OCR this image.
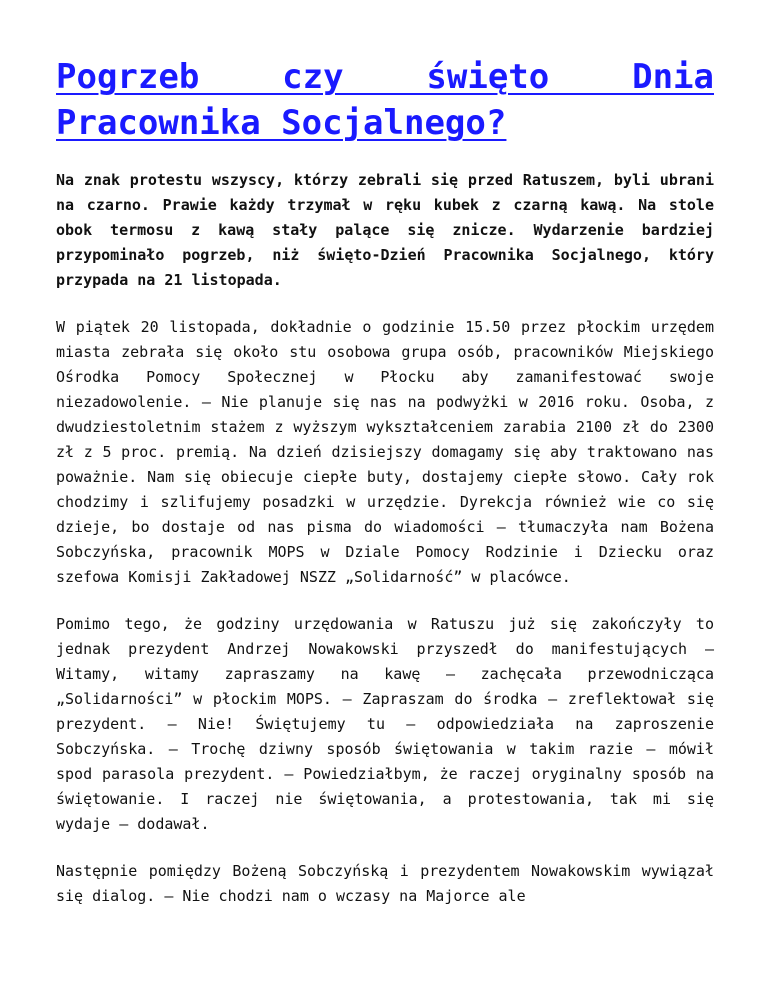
Pogrzeb czy święto Dnia Pracownika Socjalnego?

Na znak protestu wszyscy, którzy zebrali się przed Ratuszem, byli ubrani na czarno. Prawie każdy trzymał w ręku kubek z czarną kawą. Na stole obok termosu z kawą stały palące się znicze. Wydarzenie bardziej przypominało pogrzeb, niż święto-Dzień Pracownika Socjalnego, który przypada na 21 listopada.

W piątek 20 listopada, dokładnie o godzinie 15.50 przez płockim urzędem miasta zebrała się około stu osobowa grupa osób, pracowników Miejskiego Ośrodka Pomocy Społecznej w Płocku aby zamanifestować swoje niezadowolenie. – Nie planuje się nas na podwyżki w 2016 roku. Osoba, z dwudziestoletnim stażem z wyższym wykształceniem zarabia 2100 zł do 2300 zł z 5 proc. premią. Na dzień dzisiejszy domagamy się aby traktowano nas poważnie. Nam się obiecuje ciepłe buty, dostajemy ciepłe słowo. Cały rok chodzimy i szlifujemy posadzki w urzędzie. Dyrekcja również wie co się dzieje, bo dostaje od nas pisma do wiadomości – tłumaczyła nam Bożena Sobczyńska, pracownik MOPS w Dziale Pomocy Rodzinie i Dziecku oraz szefowa Komisji Zakładowej NSZZ „Solidarność” w placówce.

Pomimo tego, że godziny urzędowania w Ratuszu już się zakończyły to jednak prezydent Andrzej Nowakowski przyszedł do manifestujących – Witamy, witamy zapraszamy na kawę – zachęcała przewodnicząca „Solidarności” w płockim MOPS. – Zapraszam do środka – zreflektował się prezydent. – Nie! Świętujemy tu – odpowiedziała na zaproszenie Sobczyńska. – Trochę dziwny sposób świętowania w takim razie – mówił spod parasola prezydent. – Powiedziałbym, że raczej oryginalny sposób na świętowanie. I raczej nie świętowania, a protestowania, tak mi się wydaje – dodawał.

Następnie pomiędzy Bożeną Sobczyńską i prezydentem Nowakowskim wywiązał się dialog. – Nie chodzi nam o wczasy na Majorce ale
